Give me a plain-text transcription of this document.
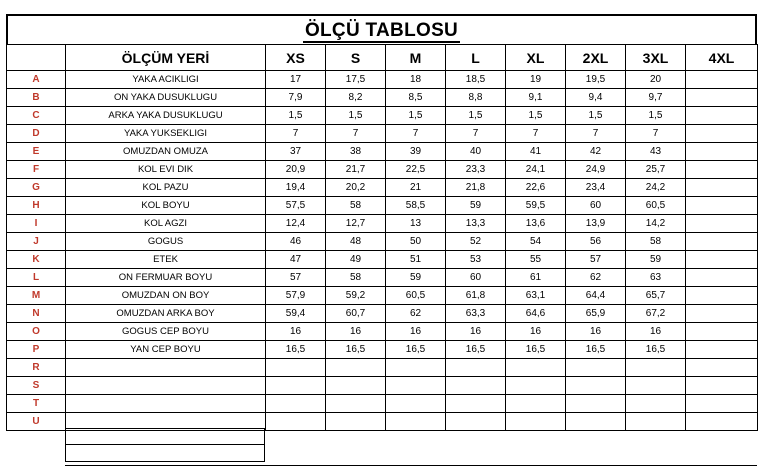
ÖLÇÜ TABLOSU
	ÖLÇÜM YERİ	XS	S	M	L	XL	2XL	3XL	4XL
A	YAKA ACIKLIGI	17	17,5	18	18,5	19	19,5	20	
B	ON YAKA DUSUKLUGU	7,9	8,2	8,5	8,8	9,1	9,4	9,7	
C	ARKA YAKA DUSUKLUGU	1,5	1,5	1,5	1,5	1,5	1,5	1,5	
D	YAKA YUKSEKLIGI	7	7	7	7	7	7	7	
E	OMUZDAN OMUZA	37	38	39	40	41	42	43	
F	KOL EVI DIK	20,9	21,7	22,5	23,3	24,1	24,9	25,7	
G	KOL PAZU	19,4	20,2	21	21,8	22,6	23,4	24,2	
H	KOL BOYU	57,5	58	58,5	59	59,5	60	60,5	
I	KOL AGZI	12,4	12,7	13	13,3	13,6	13,9	14,2	
J	GOGUS	46	48	50	52	54	56	58	
K	ETEK	47	49	51	53	55	57	59	
L	ON FERMUAR BOYU	57	58	59	60	61	62	63	
M	OMUZDAN ON BOY	57,9	59,2	60,5	61,8	63,1	64,4	65,7	
N	OMUZDAN ARKA BOY	59,4	60,7	62	63,3	64,6	65,9	67,2	
O	GOGUS CEP BOYU	16	16	16	16	16	16	16	
P	YAN CEP BOYU	16,5	16,5	16,5	16,5	16,5	16,5	16,5	
R									
S									
T									
U									
